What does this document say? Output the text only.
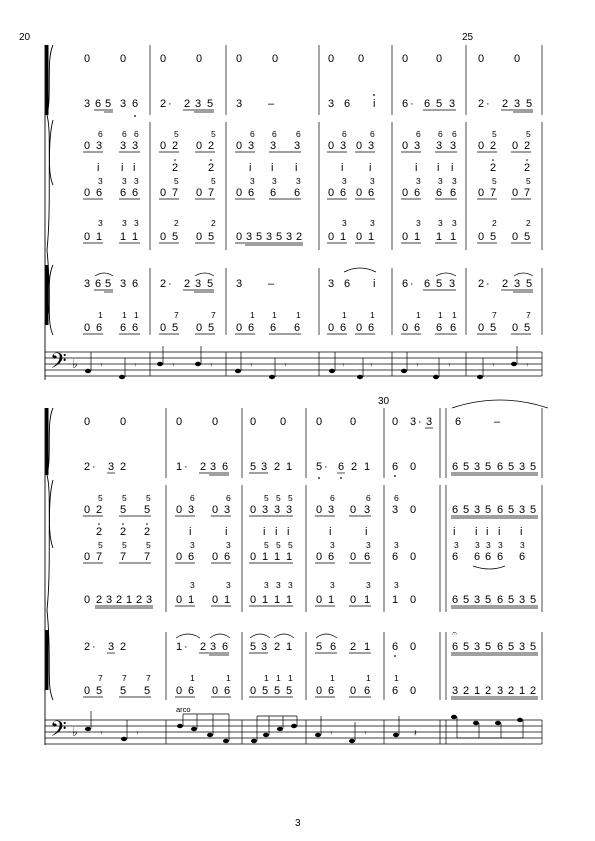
20	25
0	0	0	0	0	0	0 0	0	0	0	0
3 6 5 3 6 2 · 2 3 5 3 –	3 6 i 6 · 6 5 3 2 · 2 3 5
6 6 6
0 3 3 3
5	5
0 2 0 2
6 6 6
0 3 3 3
6	6
0 3 0 3
6 6 6
0 3 3 3
5	5
0 2 0 2
i i i	2	2	i i i	i i	i i i	2	2
3 3 3	5	5	3 3 3	3	3	3 3 3	5	5
0 6 6 6 0 7 0 7 0 6 6 6	0 6 0 6	0 6 6 6 0 7 0 7
3 3 3	2	2	3	3	3 3 3	2	2
0 1 1 1 0 5 0 5 0 3 5 3 5 3 2 0 1 0 1	0 1 1 1 0 5 0 5
3 6 5 3 6 2 · 2 3 5 3 –	3 6 i 6 · 6 5 3 2 · 2 3 5
1 1 1	7	7	1 1 1	1	1	1 1 1	7	7
0 6 6 6 0 5 0 5 0 6 6 6	0 6 0 6	0 6 6 6 0 5 0 5
𝄢 ♭ 𝄾	𝄾	𝄾	𝄾	𝄾	𝄾	𝄾	𝄾	𝄾	𝄾	𝄾	𝄾
30
0	0	0	0	0 0	0	0	0 3 · 3 6	–
2 · 3 2	1 · 2 3 6 5 3 2 1 5 · 6 2 1 6 0	6 5 3 5 6 5 3 5
5 5 5
0 2 5 5
6	6
0 3 0 3
5 5 5
0 3 3 3
6	6
0 3 0 3
6
3 0	6 5 3 5 6 5 3 5
2 2 2	i	i	i i i	i	i	i i i i i
5 5 5	3	3	5 5 5	3	3	3	3 3 3 3 3
0 7 7 7 0 6 0 6 0 1 1 1 0 6 0 6 6 0	6 6 6 6 6
3	3	3 3 3	3	3	3
0 2 3 2 1 2 3 0 1 0 1 0 1 1 1 0 1 0 1 1 0	6 5 3 5 6 5 3 5
2 · 3 2	1 · 2 3 6 5 3 2 1 5 6 2 1 6 0
𝄐
6 5 3 5 6 5 3 5
7 7 7	1	1	1 1 1	1	1	1
0 5 5 5 0 6 0 6 0 5 5 5 0 6 0 6 6 0	3 2 1 2 3 2 1 2
arco
𝄢 ♭ 𝄾	𝄾	𝄾	𝄾	𝄽
3
